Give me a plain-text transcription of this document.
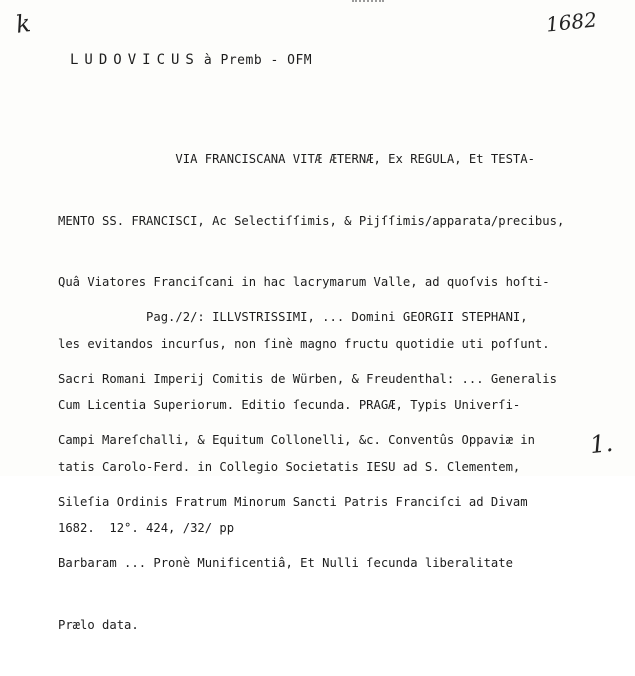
k	1682
LUDOVICUS à Premb - OFM

VIA FRANCISCANA VITÆ ÆTERNÆ, Ex REGULA, Et TESTA-

MENTO SS. FRANCISCI, Ac Selectiſſimis, & Pijſſimis/apparata/precibus,

Quâ Viatores Franciſcani in hac lacrymarum Valle, ad quoſvis hoſti-

les evitandos incurſus, non ſinè magno fructu quotidie uti poſſunt.

Cum Licentia Superiorum. Editio ſecunda. PRAGÆ, Typis Univerſi-

tatis Carolo-Ferd. in Collegio Societatis IESU ad S. Clementem,

1682.  12°. 424, /32/ pp

Pag./2/: ILLVSTRISSIMI, ... Domini GEORGII STEPHANI,

Sacri Romani Imperij Comitis de Würben, & Freudenthal: ... Generalis

Campi Mareſchalli, & Equitum Collonelli, &c. Conventûs Oppaviæ in

Sileſia Ordinis Fratrum Minorum Sancti Patris Franciſci ad Divam

Barbaram ... Pronè Munificentiâ, Et Nulli ſecunda liberalitate

Prælo data.

1.
